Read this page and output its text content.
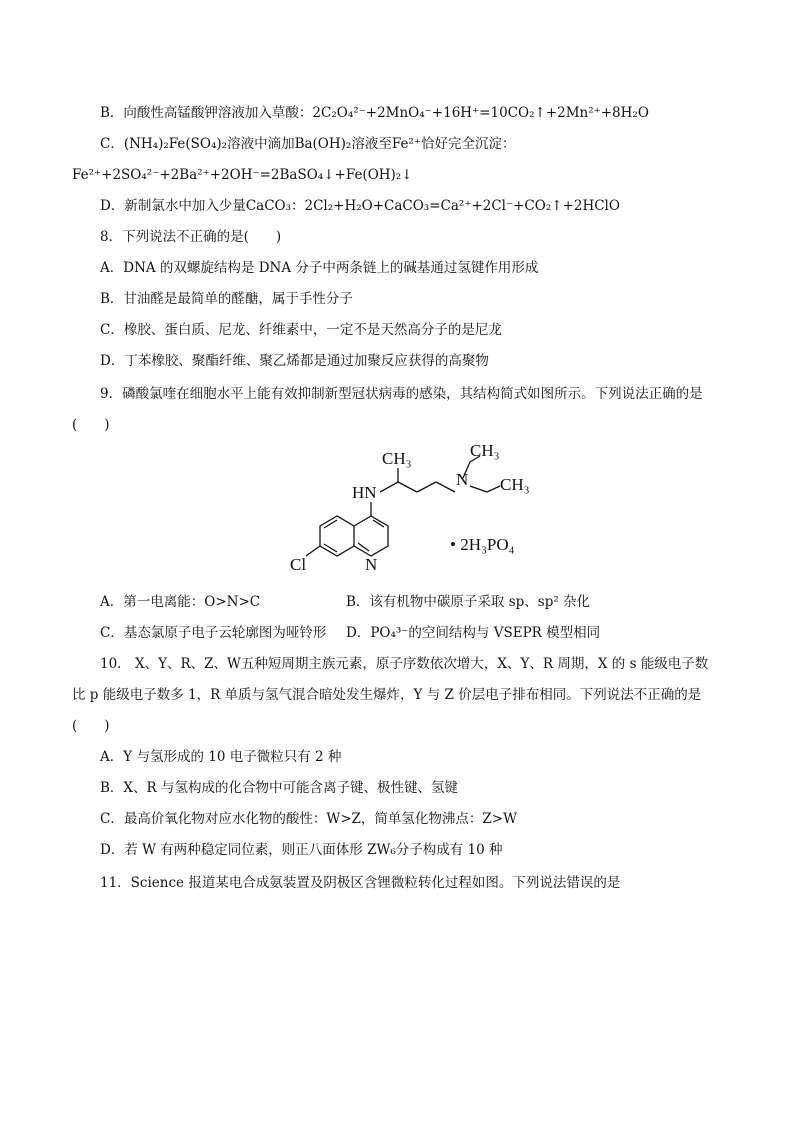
B．向酸性高锰酸钾溶液加入草酸：2C₂O₄²⁻+2MnO₄⁻+16H⁺=10CO₂↑+2Mn²⁺+8H₂O
C．(NH₄)₂Fe(SO₄)₂溶液中滴加Ba(OH)₂溶液至Fe²⁺恰好完全沉淀：
Fe²⁺+2SO₄²⁻+2Ba²⁺+2OH⁻=2BaSO₄↓+Fe(OH)₂↓
D．新制氯水中加入少量CaCO₃：2Cl₂+H₂O+CaCO₃=Ca²⁺+2Cl⁻+CO₂↑+2HClO
8．下列说法不正确的是(　　)
A．DNA 的双螺旋结构是 DNA 分子中两条链上的碱基通过氢键作用形成
B．甘油醛是最简单的醛醣，属于手性分子
C．橡胶、蛋白质、尼龙、纤维素中，一定不是天然高分子的是尼龙
D．丁苯橡胶、聚酯纤维、聚乙烯都是通过加聚反应获得的高聚物
9．磷酸氯喹在细胞水平上能有效抑制新型冠状病毒的感染，其结构简式如图所示。下列说法正确的是
(　　)
CH₃	CH₃
CH₃
N
HN
Cl	N
• 2H₃PO₄
A．第一电离能：O>N>C	B．该有机物中碳原子采取 sp、sp² 杂化
C．基态氯原子电子云轮廓图为哑铃形 D．PO₄³⁻的空间结构与 VSEPR 模型相同
10． X、Y、R、Z、W五种短周期主族元素，原子序数依次增大，X、Y、R 周期，X 的 s 能级电子数
比 p 能级电子数多 1，R 单质与氢气混合暗处发生爆炸，Y 与 Z 价层电子排布相同。下列说法不正确的是
(　　)
A．Y 与氢形成的 10 电子微粒只有 2 种
B．X、R 与氢构成的化合物中可能含离子键、极性键、氢键
C．最高价氧化物对应水化物的酸性：W>Z，简单氢化物沸点：Z>W
D．若 W 有两种稳定同位素，则正八面体形 ZW₆分子构成有 10 种
11．Science 报道某电合成氨装置及阴极区含锂微粒转化过程如图。下列说法错误的是
